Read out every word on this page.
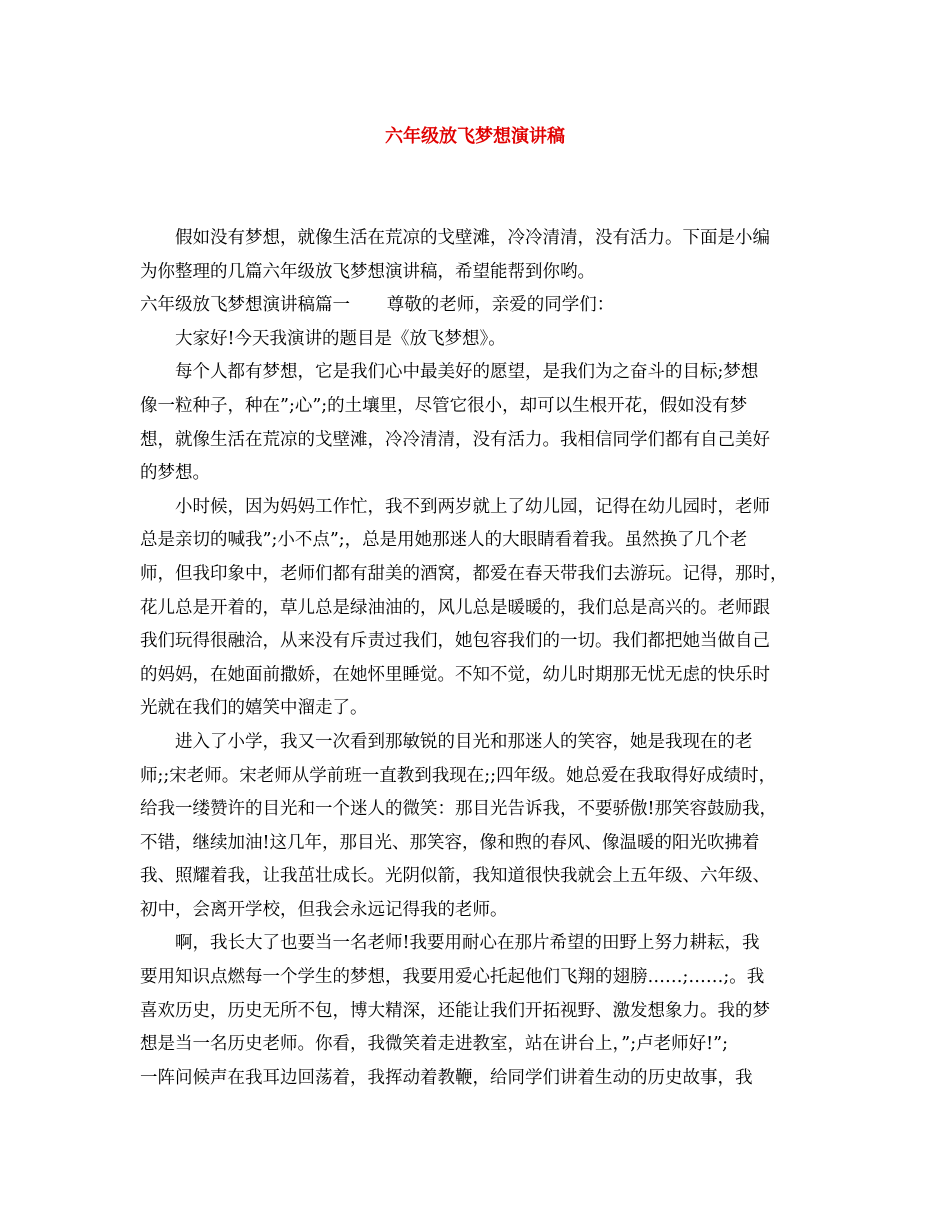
六年级放飞梦想演讲稿
假如没有梦想，就像生活在荒凉的戈壁滩，冷冷清清，没有活力。下面是小编
为你整理的几篇六年级放飞梦想演讲稿，希望能帮到你哟。
六年级放飞梦想演讲稿篇一 尊敬的老师，亲爱的同学们：
大家好!今天我演讲的题目是《放飞梦想》。
每个人都有梦想，它是我们心中最美好的愿望，是我们为之奋斗的目标;梦想
像一粒种子，种在”;心”;的土壤里，尽管它很小，却可以生根开花，假如没有梦
想，就像生活在荒凉的戈壁滩，冷冷清清，没有活力。我相信同学们都有自己美好
的梦想。
小时候，因为妈妈工作忙，我不到两岁就上了幼儿园，记得在幼儿园时，老师
总是亲切的喊我”;小不点”;，总是用她那迷人的大眼睛看着我。虽然换了几个老
师，但我印象中，老师们都有甜美的酒窝，都爱在春天带我们去游玩。记得，那时，
花儿总是开着的，草儿总是绿油油的，风儿总是暖暖的，我们总是高兴的。老师跟
我们玩得很融洽，从来没有斥责过我们，她包容我们的一切。我们都把她当做自己
的妈妈，在她面前撒娇，在她怀里睡觉。不知不觉，幼儿时期那无忧无虑的快乐时
光就在我们的嬉笑中溜走了。
进入了小学，我又一次看到那敏锐的目光和那迷人的笑容，她是我现在的老
师;;宋老师。宋老师从学前班一直教到我现在;;四年级。她总爱在我取得好成绩时，
给我一缕赞许的目光和一个迷人的微笑：那目光告诉我，不要骄傲!那笑容鼓励我，
不错，继续加油!这几年，那目光、那笑容，像和煦的春风、像温暖的阳光吹拂着
我、照耀着我，让我茁壮成长。光阴似箭，我知道很快我就会上五年级、六年级、
初中，会离开学校，但我会永远记得我的老师。
啊，我长大了也要当一名老师!我要用耐心在那片希望的田野上努力耕耘，我
要用知识点燃每一个学生的梦想，我要用爱心托起他们飞翔的翅膀……;……;。我
喜欢历史，历史无所不包，博大精深，还能让我们开拓视野、激发想象力。我的梦
想是当一名历史老师。你看，我微笑着走进教室，站在讲台上，”;卢老师好!”;
一阵问候声在我耳边回荡着，我挥动着教鞭，给同学们讲着生动的历史故事，我
